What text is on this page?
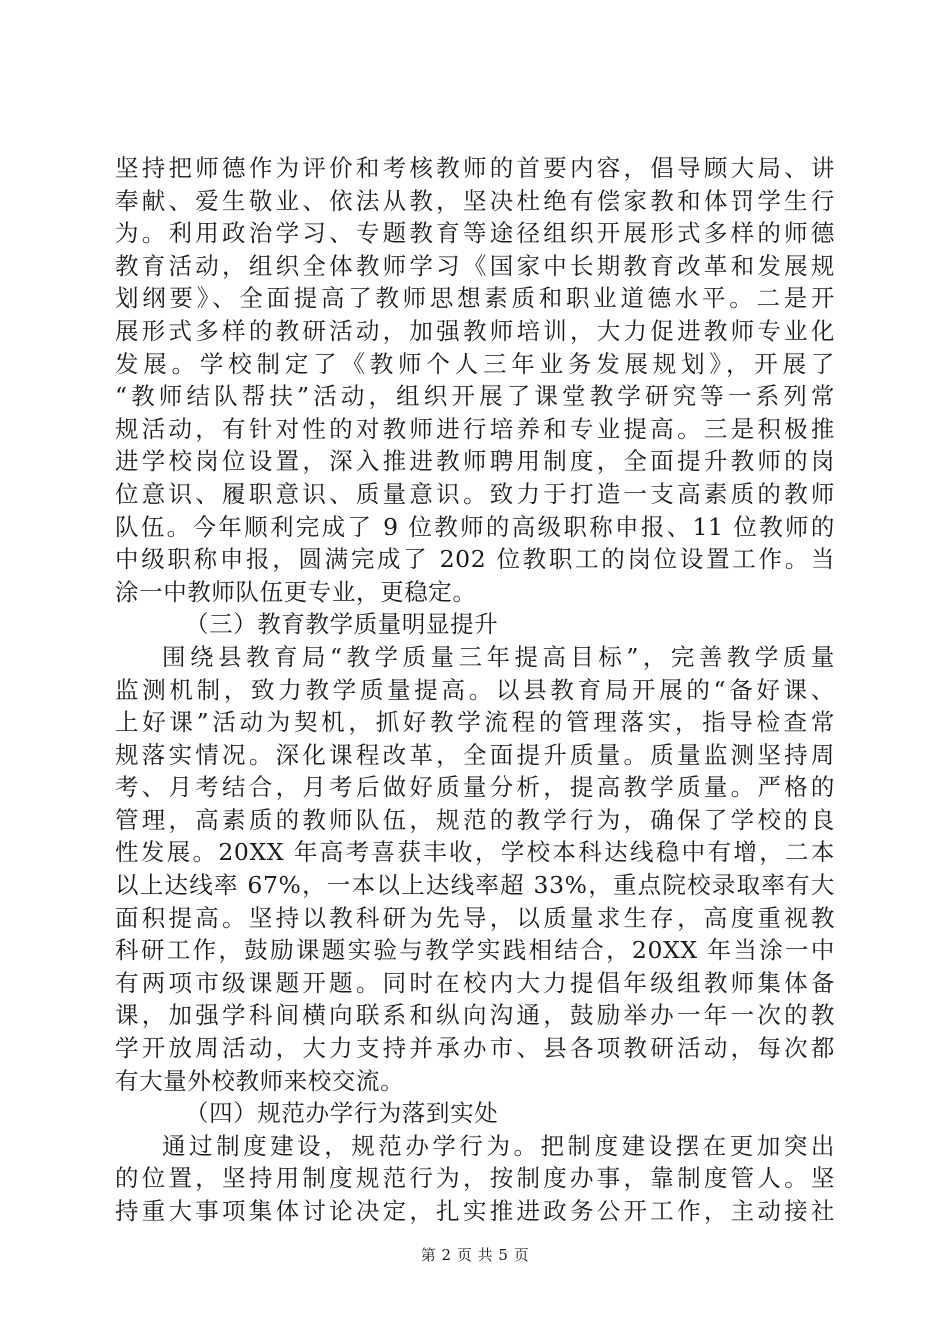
坚持把师德作为评价和考核教师的首要内容，倡导顾大局、讲
奉献、爱生敬业、依法从教，坚决杜绝有偿家教和体罚学生行
为。利用政治学习、专题教育等途径组织开展形式多样的师德
教育活动，组织全体教师学习《国家中长期教育改革和发展规
划纲要》、全面提高了教师思想素质和职业道德水平。二是开
展形式多样的教研活动，加强教师培训，大力促进教师专业化
发展。学校制定了《教师个人三年业务发展规划》，开展了
“教师结队帮扶”活动，组织开展了课堂教学研究等一系列常
规活动，有针对性的对教师进行培养和专业提高。三是积极推
进学校岗位设置，深入推进教师聘用制度，全面提升教师的岗
位意识、履职意识、质量意识。致力于打造一支高素质的教师
队伍。今年顺利完成了 9 位教师的高级职称申报、11 位教师的
中级职称申报，圆满完成了 202 位教职工的岗位设置工作。当
涂一中教师队伍更专业，更稳定。
（三）教育教学质量明显提升
围绕县教育局“教学质量三年提高目标”，完善教学质量
监测机制，致力教学质量提高。以县教育局开展的“备好课、
上好课”活动为契机，抓好教学流程的管理落实，指导检查常
规落实情况。深化课程改革，全面提升质量。质量监测坚持周
考、月考结合，月考后做好质量分析，提高教学质量。严格的
管理，高素质的教师队伍，规范的教学行为，确保了学校的良
性发展。20XX 年高考喜获丰收，学校本科达线稳中有增，二本
以上达线率 67%，一本以上达线率超 33%，重点院校录取率有大
面积提高。坚持以教科研为先导，以质量求生存，高度重视教
科研工作，鼓励课题实验与教学实践相结合，20XX 年当涂一中
有两项市级课题开题。同时在校内大力提倡年级组教师集体备
课，加强学科间横向联系和纵向沟通，鼓励举办一年一次的教
学开放周活动，大力支持并承办市、县各项教研活动，每次都
有大量外校教师来校交流。
（四）规范办学行为落到实处
通过制度建设，规范办学行为。把制度建设摆在更加突出
的位置，坚持用制度规范行为，按制度办事，靠制度管人。坚
持重大事项集体讨论决定，扎实推进政务公开工作，主动接社
第 2 页 共 5 页
